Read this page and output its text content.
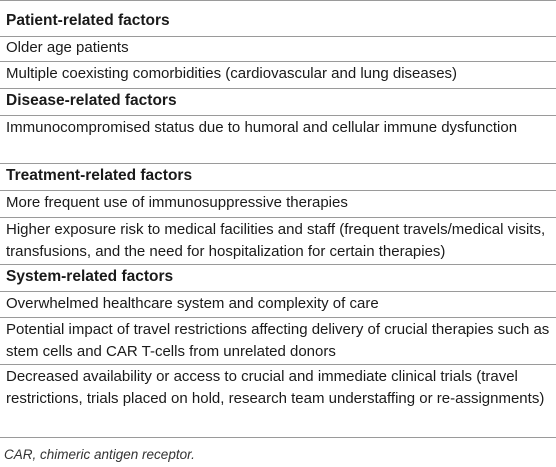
Patient-related factors
Older age patients
Multiple coexisting comorbidities (cardiovascular and lung diseases)
Disease-related factors
Immunocompromised status due to humoral and cellular immune dysfunction
Treatment-related factors
More frequent use of immunosuppressive therapies
Higher exposure risk to medical facilities and staff (frequent travels/medical visits, transfusions, and the need for hospitalization for certain therapies)
System-related factors
Overwhelmed healthcare system and complexity of care
Potential impact of travel restrictions affecting delivery of crucial therapies such as stem cells and CAR T-cells from unrelated donors
Decreased availability or access to crucial and immediate clinical trials (travel restrictions, trials placed on hold, research team understaffing or re-assignments)
CAR, chimeric antigen receptor.
